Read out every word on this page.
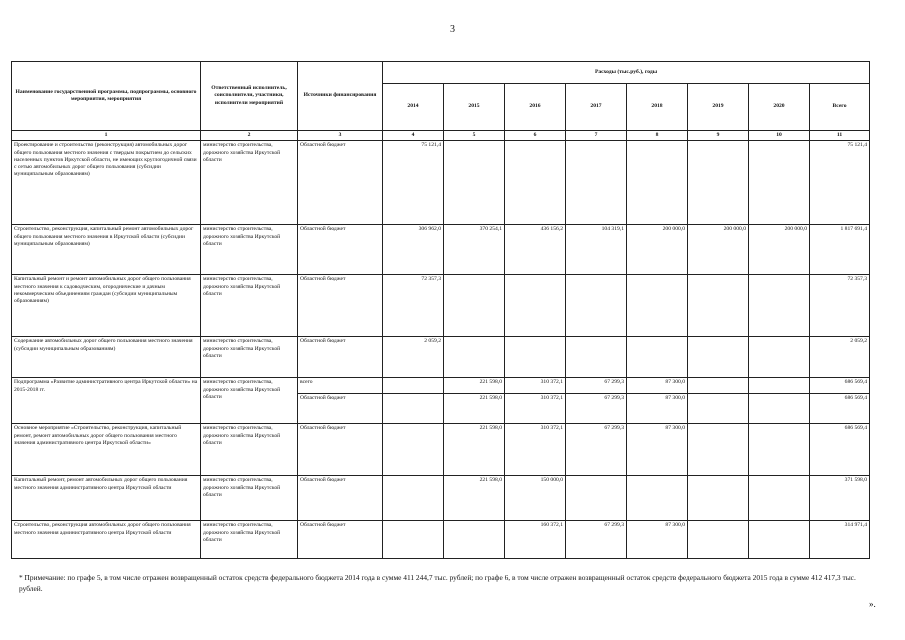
3
Наименование государственной программы, подпрограммы, основного мероприятия, мероприятия	Ответственный исполнитель, соисполнители, участники, исполнители мероприятий	Источники финансирования	Расходы (тыс.руб.), годы							
			2014	2015	2016	2017	2018	2019	2020	Всего
1	2	3	4	5	6	7	8	9	10	11
Проектирование и строительство (реконструкция) автомобильных дорог общего пользования местного значения с твердым покрытием до сельских населенных пунктов Иркутской области, не имеющих круглогодичной связи с сетью автомобильных дорог общего пользования (субсидии муниципальным образованиям)	министерство строительства, дорожного хозяйства Иркутской области	Областной бюджет	75 121,4							75 121,4
Строительство, реконструкция, капитальный ремонт автомобильных дорог общего пользования местного значения в Иркутской области (субсидии муниципальным образованиям)	министерство строительства, дорожного хозяйства Иркутской области	Областной бюджет	306 962,0	370 254,1	436 156,2	104 319,1	200 000,0	200 000,0	200 000,0	1 817 691,4
Капитальный ремонт и ремонт автомобильных дорог общего пользования местного значения к садоводческим, огороднические и дачным некоммерческим объединениям граждан (субсидии муниципальным образованиям)	министерство строительства, дорожного хозяйства Иркутской области	Областной бюджет	72 357,3							72 357,3
Содержание автомобильных дорог общего пользования местного значения (субсидии муниципальным образованиям)	министерство строительства, дорожного хозяйства Иркутской области	Областной бюджет	2 059,2							2 059,2
Подпрограмма «Развитие административного центра Иркутской области» на 2015-2018 гг.	министерство строительства, дорожного хозяйства Иркутской области	всего		221 598,0	310 372,1	67 299,3	87 300,0			686 569,4
		Областной бюджет		221 598,0	310 372,1	67 299,3	87 300,0			686 569,4
Основное мероприятие «Строительство, реконструкция, капитальный ремонт, ремонт автомобильных дорог общего пользования местного значения административного центра Иркутской области»	министерство строительства, дорожного хозяйства Иркутской области	Областной бюджет		221 598,0	310 372,1	67 299,3	87 300,0			686 569,4
Капитальный ремонт, ремонт автомобильных дорог общего пользования местного значения административного центра Иркутской области	министерство строительства, дорожного хозяйства Иркутской области	Областной бюджет		221 598,0	150 000,0					371 598,0
Строительство, реконструкция автомобильных дорог общего пользования местного значения административного центра Иркутской области	министерство строительства, дорожного хозяйства Иркутской области	Областной бюджет			160 372,1	67 299,3	87 300,0			314 971,4
* Примечание: по графе 5, в том числе отражен возвращенный остаток средств федерального бюджета 2014 года в сумме 411 244,7 тыс. рублей; по графе 6, в том числе отражен возвращенный остаток средств федерального бюджета 2015 года в сумме 412 417,3 тыс. рублей.
».
